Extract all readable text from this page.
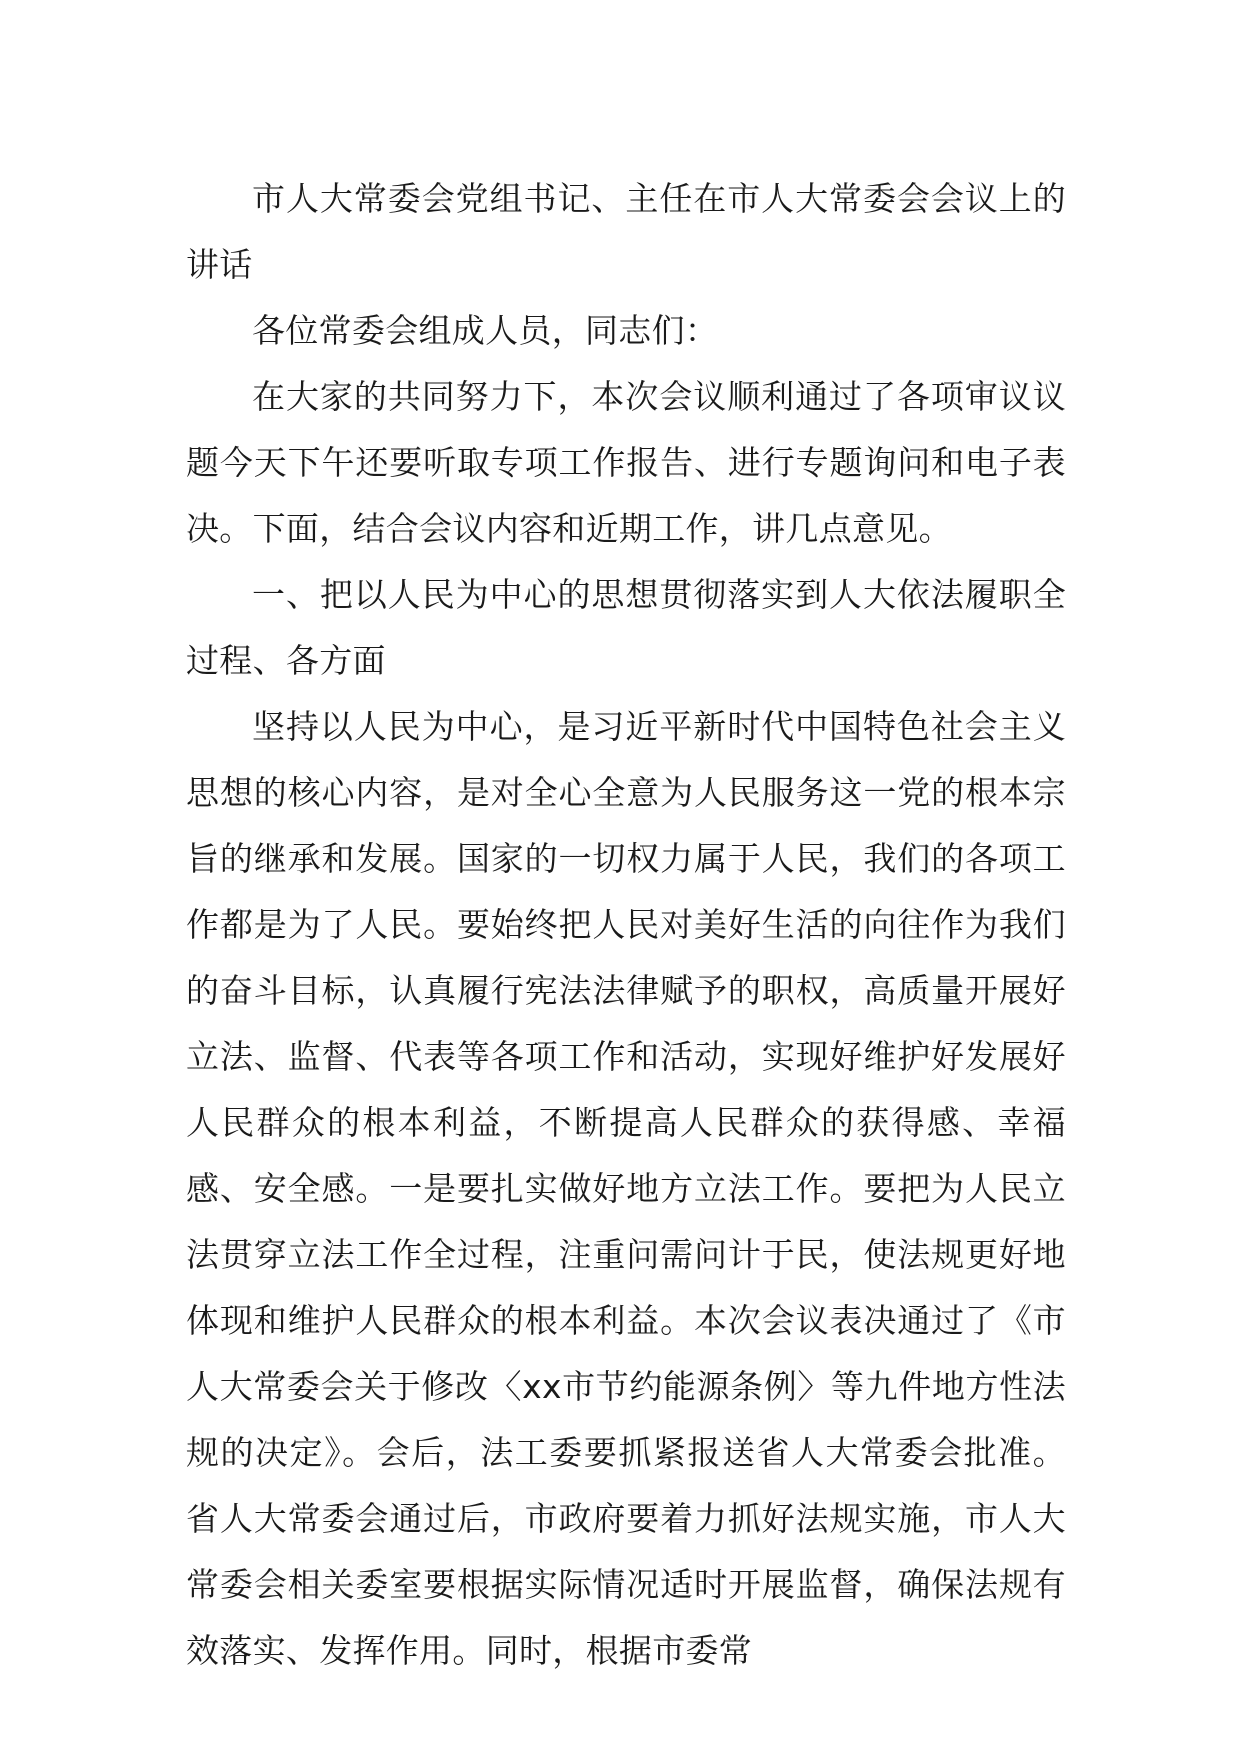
市人大常委会党组书记、主任在市人大常委会会议上的讲话

各位常委会组成人员，同志们：

在大家的共同努力下，本次会议顺利通过了各项审议议题今天下午还要听取专项工作报告、进行专题询问和电子表决。下面，结合会议内容和近期工作，讲几点意见。

一、把以人民为中心的思想贯彻落实到人大依法履职全过程、各方面

坚持以人民为中心，是习近平新时代中国特色社会主义思想的核心内容，是对全心全意为人民服务这一党的根本宗旨的继承和发展。国家的一切权力属于人民，我们的各项工作都是为了人民。要始终把人民对美好生活的向往作为我们的奋斗目标，认真履行宪法法律赋予的职权，高质量开展好立法、监督、代表等各项工作和活动，实现好维护好发展好人民群众的根本利益，不断提高人民群众的获得感、幸福感、安全感。一是要扎实做好地方立法工作。要把为人民立法贯穿立法工作全过程，注重问需问计于民，使法规更好地体现和维护人民群众的根本利益。本次会议表决通过了《市人大常委会关于修改〈xx市节约能源条例〉等九件地方性法规的决定》。会后，法工委要抓紧报送省人大常委会批准。省人大常委会通过后，市政府要着力抓好法规实施，市人大常委会相关委室要根据实际情况适时开展监督，确保法规有效落实、发挥作用。同时，根据市委常
